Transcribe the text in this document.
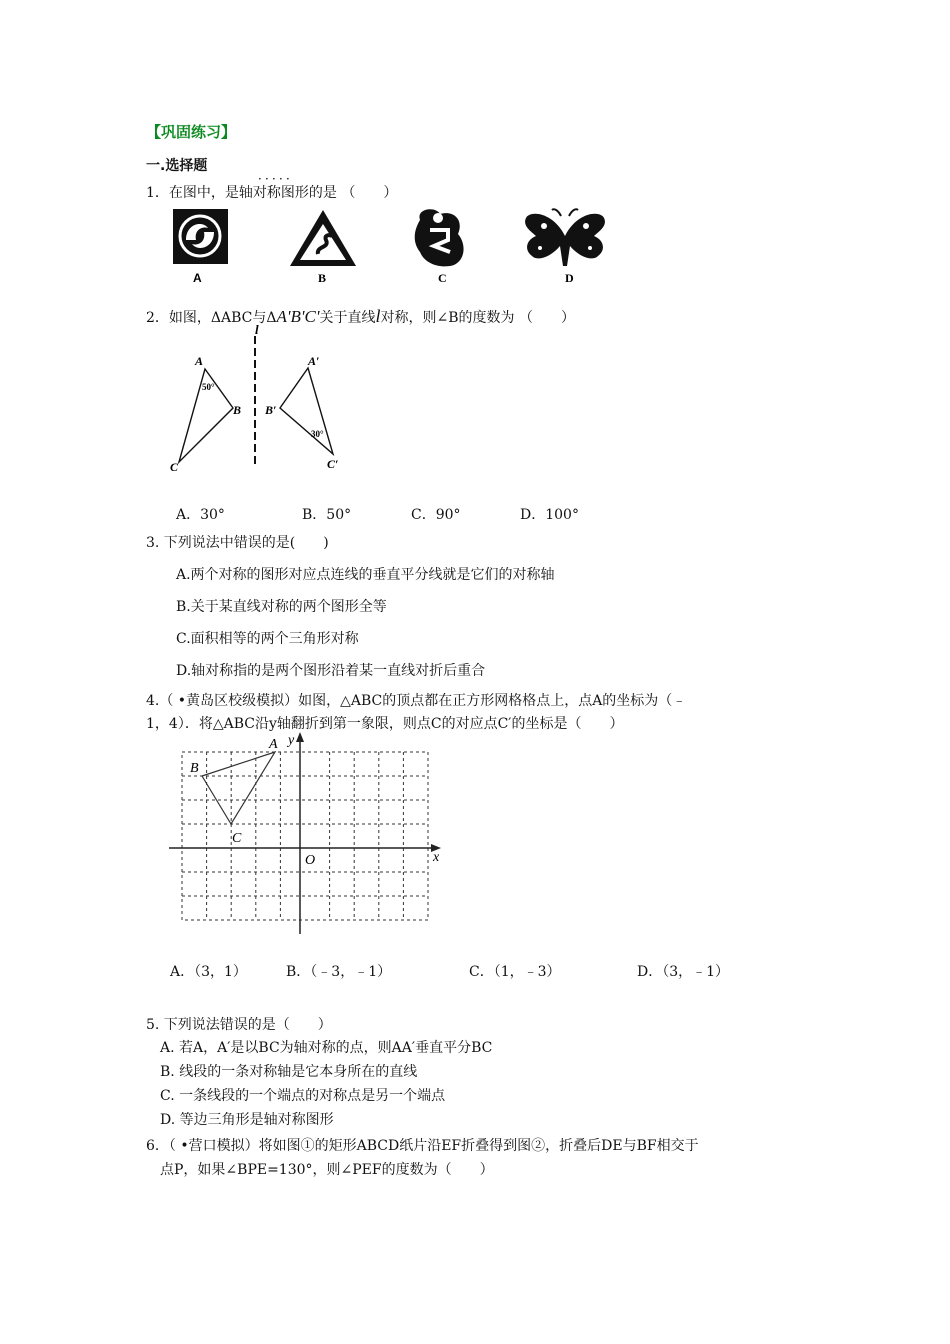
【巩固练习】
一.选择题
．．．．．
1．在图中，是轴对称图形的是 （　　）
A	B	C	D
2．如图，ΔABC与ΔA'B'C'关于直线l对称，则∠B的度数为 （　　）
l
A
50°
B
C
A′
B′
30°
C′
A．30°	B．50°	C．90°	D．100°
3. 下列说法中错误的是(　　)
A.两个对称的图形对应点连线的垂直平分线就是它们的对称轴
B.关于某直线对称的两个图形全等
C.面积相等的两个三角形对称
D.轴对称指的是两个图形沿着某一直线对折后重合
4.（ •黄岛区校级模拟）如图，△ABC的顶点都在正方形网格格点上，点A的坐标为（﹣
1，4）．将△ABC沿y轴翻折到第一象限，则点C的对应点C′的坐标是（　　）
x
y
O
A
B
C
A．（3，1）	B．（﹣3，﹣1）	C．（1，﹣3）	D．（3，﹣1）
5. 下列说法错误的是（　　）
A. 若A，A′是以BC为轴对称的点，则AA′垂直平分BC
B. 线段的一条对称轴是它本身所在的直线
C. 一条线段的一个端点的对称点是另一个端点
D. 等边三角形是轴对称图形
6．（ •营口模拟）将如图①的矩形ABCD纸片沿EF折叠得到图②，折叠后DE与BF相交于
点P，如果∠BPE=130°，则∠PEF的度数为（　　）
